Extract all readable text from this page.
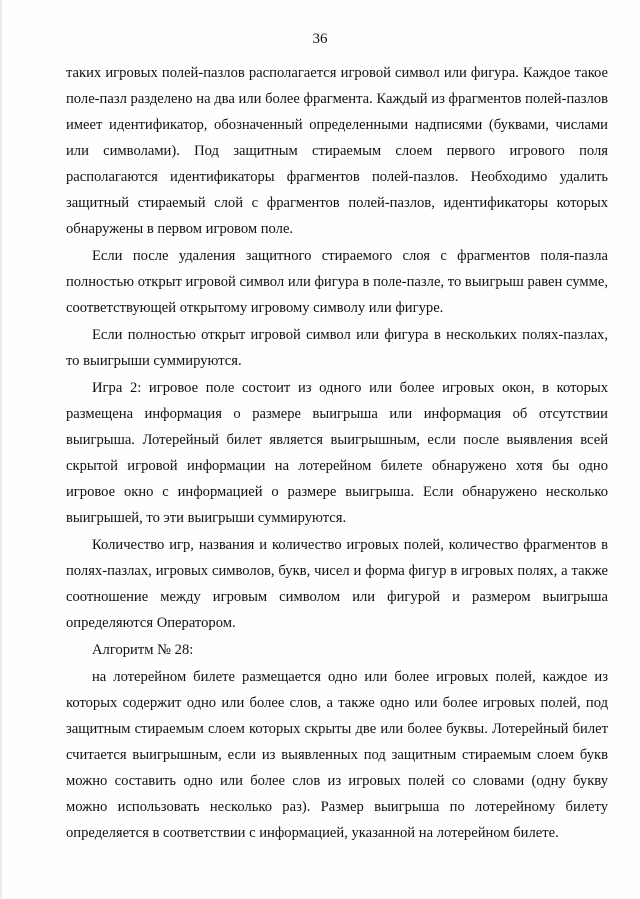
36

таких игровых полей-пазлов располагается игровой символ или фигура. Каждое такое поле-пазл разделено на два или более фрагмента. Каждый из фрагментов полей-пазлов имеет идентификатор, обозначенный определенными надписями (буквами, числами или символами). Под защитным стираемым слоем первого игрового поля располагаются идентификаторы фрагментов полей-пазлов. Необходимо удалить защитный стираемый слой с фрагментов полей-пазлов, идентификаторы которых обнаружены в первом игровом поле.

Если после удаления защитного стираемого слоя с фрагментов поля-пазла полностью открыт игровой символ или фигура в поле-пазле, то выигрыш равен сумме, соответствующей открытому игровому символу или фигуре.

Если полностью открыт игровой символ или фигура в нескольких полях-пазлах, то выигрыши суммируются.

Игра 2: игровое поле состоит из одного или более игровых окон, в которых размещена информация о размере выигрыша или информация об отсутствии выигрыша. Лотерейный билет является выигрышным, если после выявления всей скрытой игровой информации на лотерейном билете обнаружено хотя бы одно игровое окно с информацией о размере выигрыша. Если обнаружено несколько выигрышей, то эти выигрыши суммируются.

Количество игр, названия и количество игровых полей, количество фрагментов в полях-пазлах, игровых символов, букв, чисел и форма фигур в игровых полях, а также соотношение между игровым символом или фигурой и размером выигрыша определяются Оператором.

Алгоритм № 28:

на лотерейном билете размещается одно или более игровых полей, каждое из которых содержит одно или более слов, а также одно или более игровых полей, под защитным стираемым слоем которых скрыты две или более буквы. Лотерейный билет считается выигрышным, если из выявленных под защитным стираемым слоем букв можно составить одно или более слов из игровых полей со словами (одну букву можно использовать несколько раз). Размер выигрыша по лотерейному билету определяется в соответствии с информацией, указанной на лотерейном билете.
